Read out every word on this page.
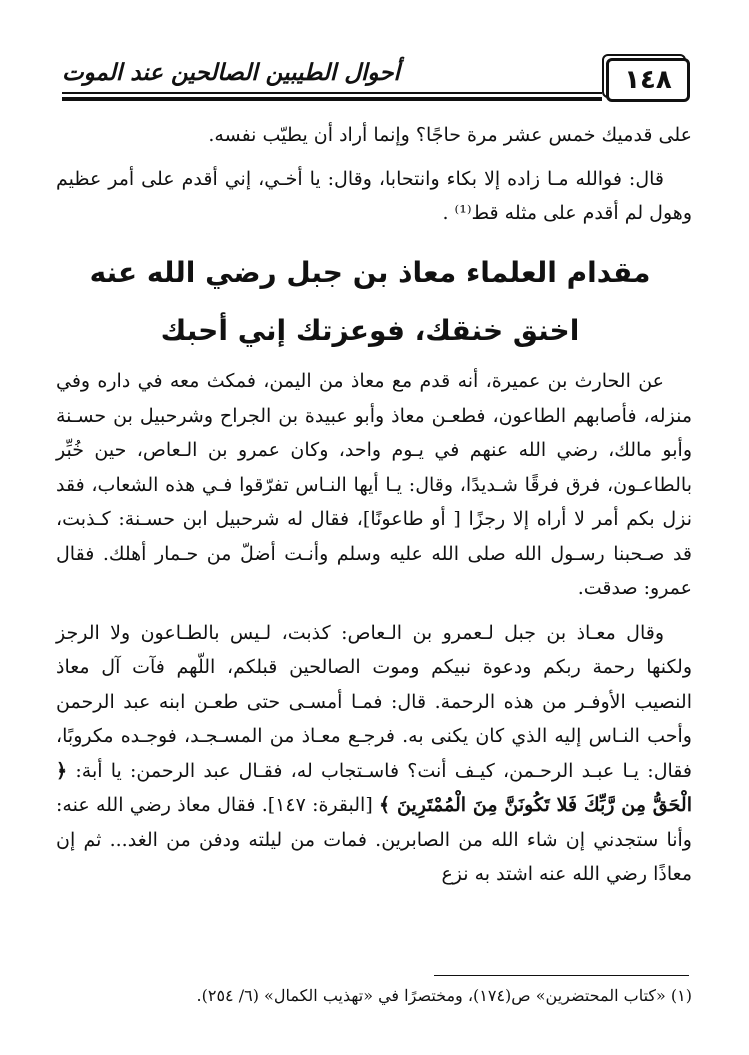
١٤٨
أحوال الطيبين الصالحين عند الموت

على قدميك خمس عشر مرة حاجًا؟ وإنما أراد أن يطيّب نفسه.

قال: فوالله مـا زاده إلا بكاء وانتحابا، وقال: يا أخـي، إني أقدم على أمر عظيم وهول لم أقدم على مثله قط⁽¹⁾ .

مقدام العلماء معاذ بن جبل رضي الله عنه
اخنق خنقك، فوعزتك إني أحبك

عن الحارث بن عميرة، أنه قدم مع معاذ من اليمن، فمكث معه في داره وفي منزله، فأصابهم الطاعون، فطعـن معاذ وأبو عبيدة بن الجراح وشرحبيل بن حسـنة وأبو مالك، رضي الله عنهم في يـوم واحد، وكان عمرو بن الـعاص، حين خُبِّر بالطاعـون، فرق فرقًا شـديدًا، وقال: يـا أيها النـاس تفرّقوا فـي هذه الشعاب، فقد نزل بكم أمر لا أراه إلا رجزًا [ أو طاعونًا]، فقال له شرحبيل ابن حسـنة: كـذبت، قد صـحبنا رسـول الله صلى الله عليه وسلم وأنـت أضلّ من حـمار أهلك. فقال عمرو: صدقت.

وقال معـاذ بن جبل لـعمرو بن الـعاص: كذبت، لـيس بالطـاعون ولا الرجز ولكنها رحمة ربكم ودعوة نبيكم وموت الصالحين قبلكم، اللّهم فآت آل معاذ النصيب الأوفـر من هذه الرحمة. قال: فمـا أمسـى حتى طعـن ابنه عبد الرحمن وأحب النـاس إليه الذي كان يكنى به. فرجـع معـاذ من المسـجـد، فوجـده مكروبًا، فقال: يـا عبـد الرحـمن، كيـف أنت؟ فاسـتجاب له، فقـال عبد الرحمن: يا أبة: ﴿ الْحَقُّ مِن رَّبِّكَ فَلا تَكُونَنَّ مِنَ الْمُمْتَرِينَ ﴾ [البقرة: ١٤٧]. فقال معاذ رضي الله عنه: وأنا ستجدني إن شاء الله من الصابرين. فمات من ليلته ودفن من الغد... ثم إن معاذًا رضي الله عنه اشتد به نزع

(١) «كتاب المحتضرين» ص(١٧٤)، ومختصرًا في «تهذيب الكمال» (٦/ ٢٥٤).
